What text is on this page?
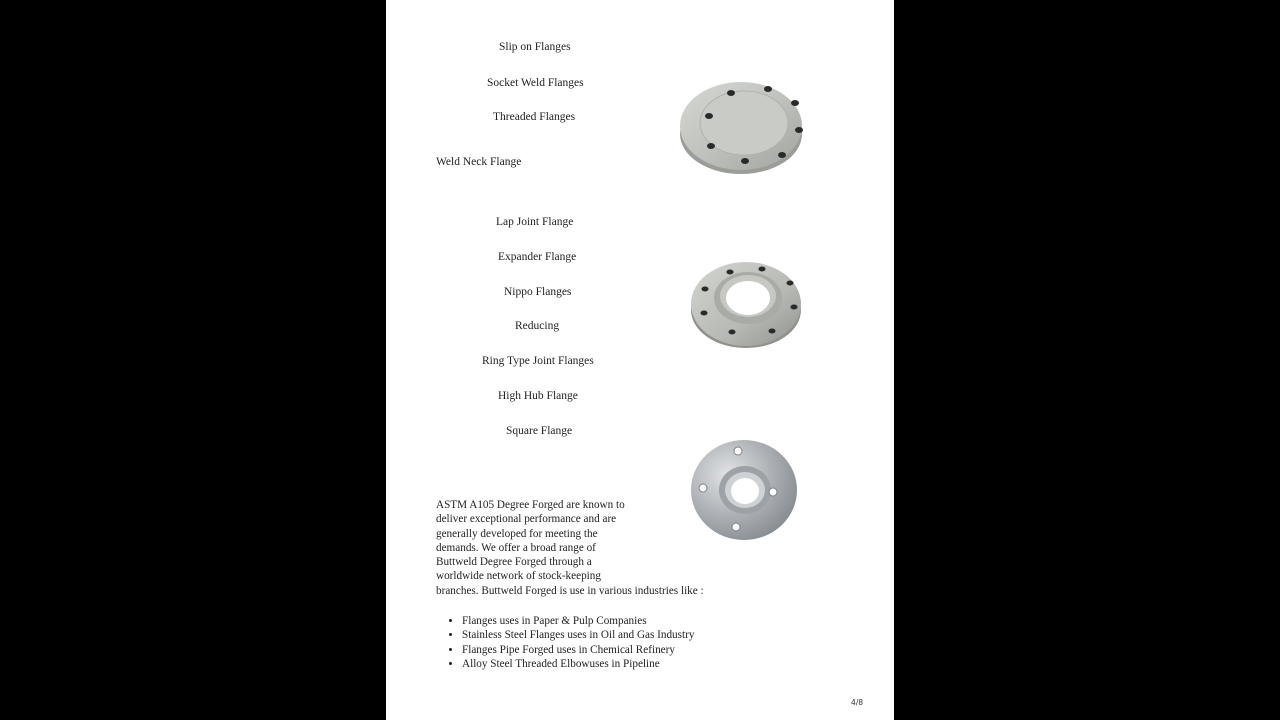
Slip on Flanges
Socket Weld Flanges
Threaded Flanges
Weld Neck Flange
Lap Joint Flange
Expander Flange
Nippo Flanges
Reducing
Ring Type Joint Flanges
High Hub Flange
Square Flange
ASTM A105 Degree Forged are known to
deliver exceptional performance and are
generally developed for meeting the
demands. We offer a broad range of
Buttweld Degree Forged through a
worldwide network of stock-keeping
branches. Buttweld Forged is use in various industries like :
• Flanges uses in Paper & Pulp Companies
• Stainless Steel Flanges uses in Oil and Gas Industry
• Flanges Pipe Forged uses in Chemical Refinery
• Alloy Steel Threaded Elbowuses in Pipeline
4/8
